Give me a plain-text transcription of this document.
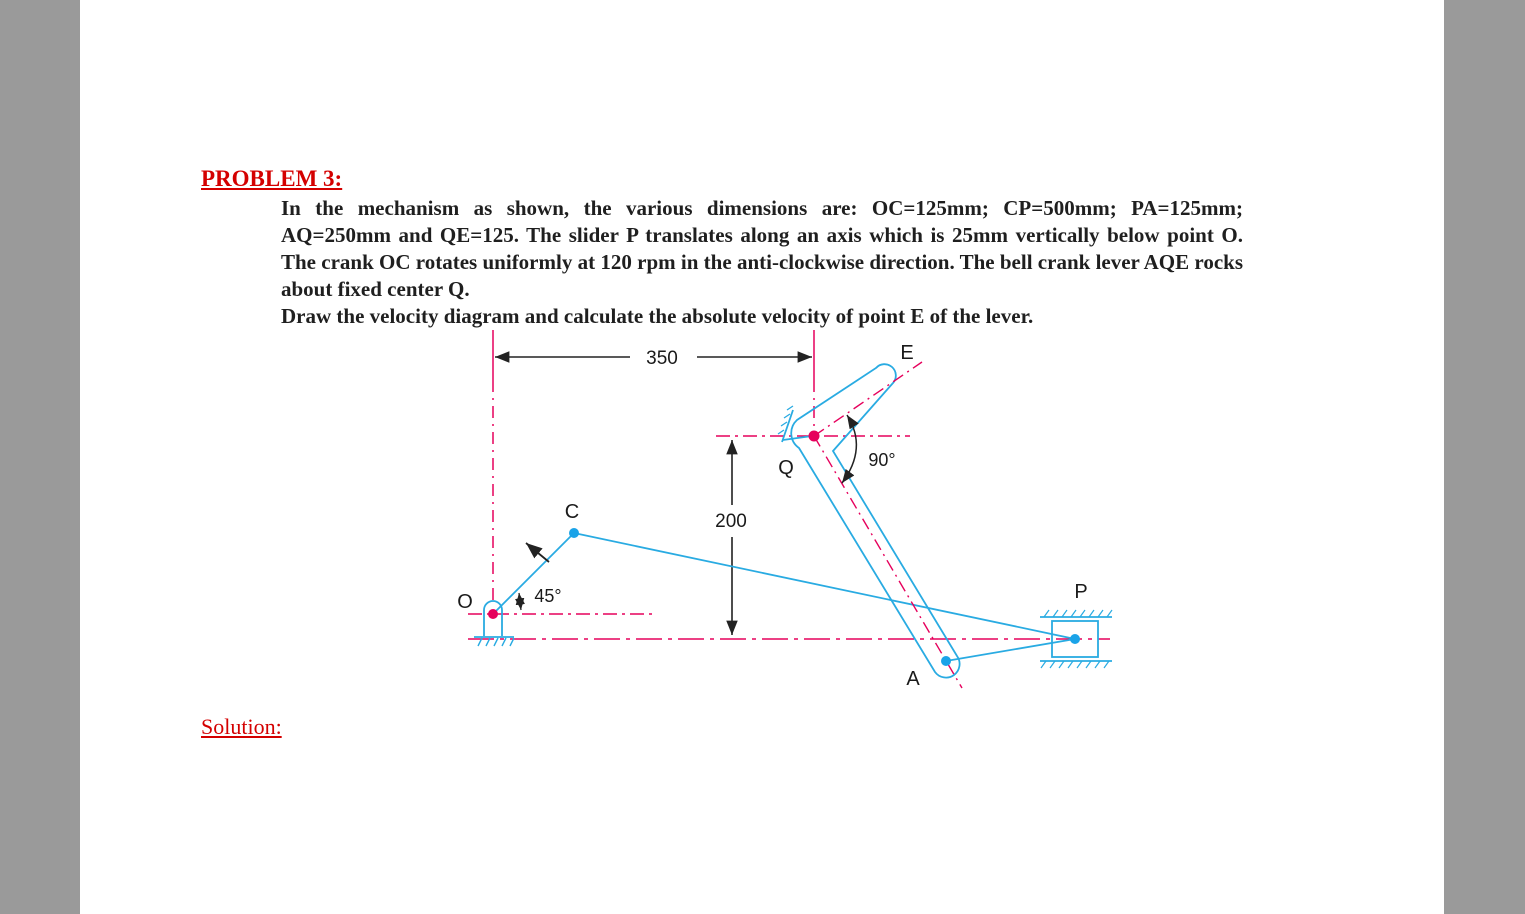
PROBLEM 3:

In the mechanism as shown, the various dimensions are: OC=125mm; CP=500mm; PA=125mm; AQ=250mm and QE=125. The slider P translates along an axis which is 25mm vertically below point O. The crank OC rotates uniformly at 120 rpm in the anti-clockwise direction. The bell crank lever AQE rocks about fixed center Q.

Draw the velocity diagram and calculate the absolute velocity of point E of the lever.

Solution:
350
200
O
C
Q
E
A
P
45°
90°
